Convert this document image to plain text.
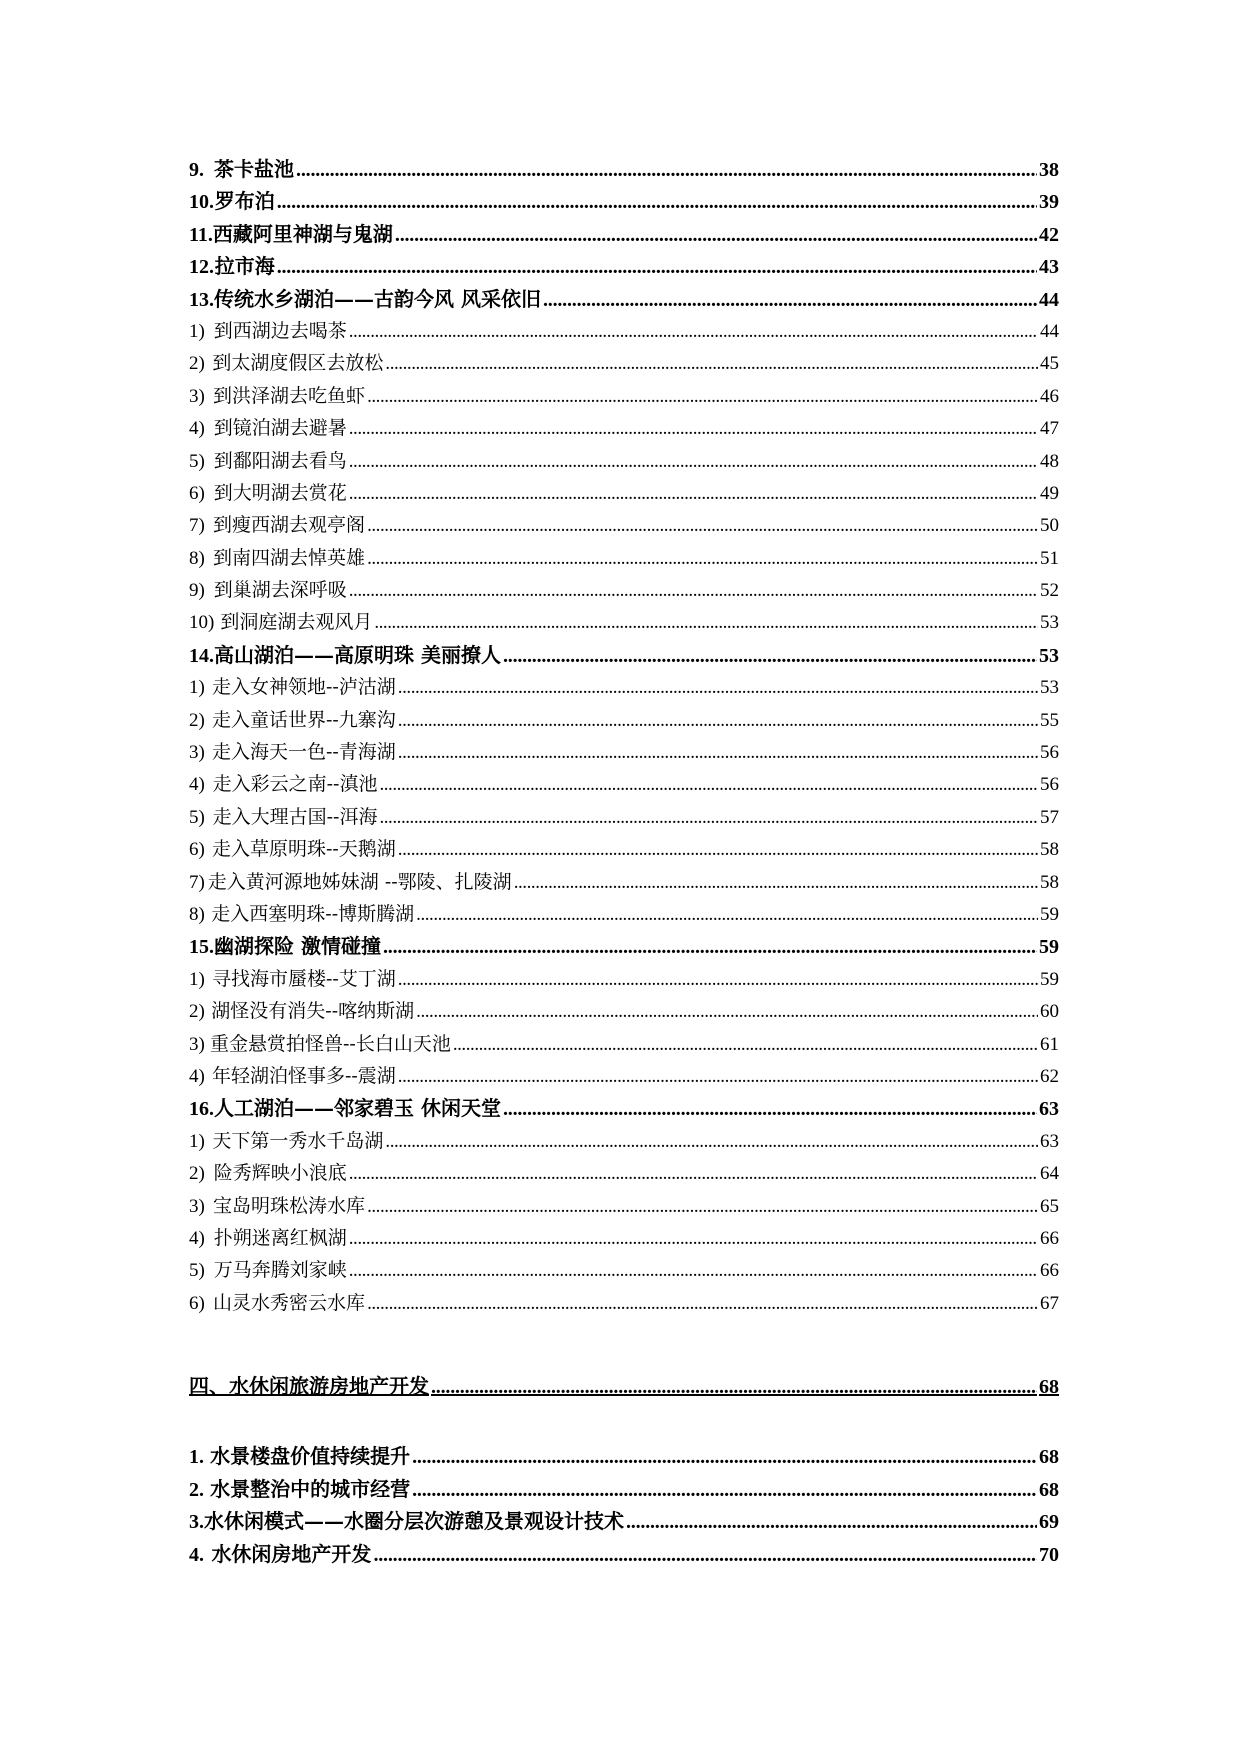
9. 茶卡盐池 . . .	38
10. 罗布泊 . . .	39
11. 西藏阿里神湖与鬼湖 . . .	42
12. 拉市海 . . .	43
13. 传统水乡湖泊——古韵今风 风采依旧 . . .	44
1) 到西湖边去喝茶 . . .	44
2) 到太湖度假区去放松 . . .	45
3) 到洪泽湖去吃鱼虾 . . .	46
4) 到镜泊湖去避暑 . . .	47
5) 到鄱阳湖去看鸟 . . .	48
6) 到大明湖去赏花 . . .	49
7) 到瘦西湖去观亭阁 . . .	50
8) 到南四湖去悼英雄 . . .	51
9) 到巢湖去深呼吸 . . .	52
10) 到洞庭湖去观风月 . . .	53
14. 高山湖泊——高原明珠 美丽撩人 . . .	53
1) 走入女神领地--泸沽湖 . . .	53
2) 走入童话世界--九寨沟 . . .	55
3) 走入海天一色--青海湖 . . .	56
4) 走入彩云之南--滇池 . . .	56
5) 走入大理古国--洱海 . . .	57
6) 走入草原明珠--天鹅湖 . . .	58
7) 走入黄河源地姊妹湖 --鄂陵、扎陵湖 . . .	58
8) 走入西塞明珠--博斯腾湖 . . .	59
15. 幽湖探险 激情碰撞 . . .	59
1) 寻找海市蜃楼--艾丁湖 . . .	59
2) 湖怪没有消失--喀纳斯湖 . . .	60
3) 重金悬赏拍怪兽--长白山天池 . . .	61
4) 年轻湖泊怪事多--震湖 . . .	62
16. 人工湖泊——邻家碧玉 休闲天堂 . . .	63
1) 天下第一秀水千岛湖 . . .	63
2) 险秀辉映小浪底 . . .	64
3) 宝岛明珠松涛水库 . . .	65
4) 扑朔迷离红枫湖 . . .	66
5) 万马奔腾刘家峡 . . .	66
6) 山灵水秀密云水库 . . .	67
四、 水休闲旅游房地产开发 . . .	68
1. 水景楼盘价值持续提升 . . .	68
2. 水景整治中的城市经营 . . .	68
3. 水休闲模式——水圈分层次游憩及景观设计技术 . . .	69
4. 水休闲房地产开发 . . .	70
